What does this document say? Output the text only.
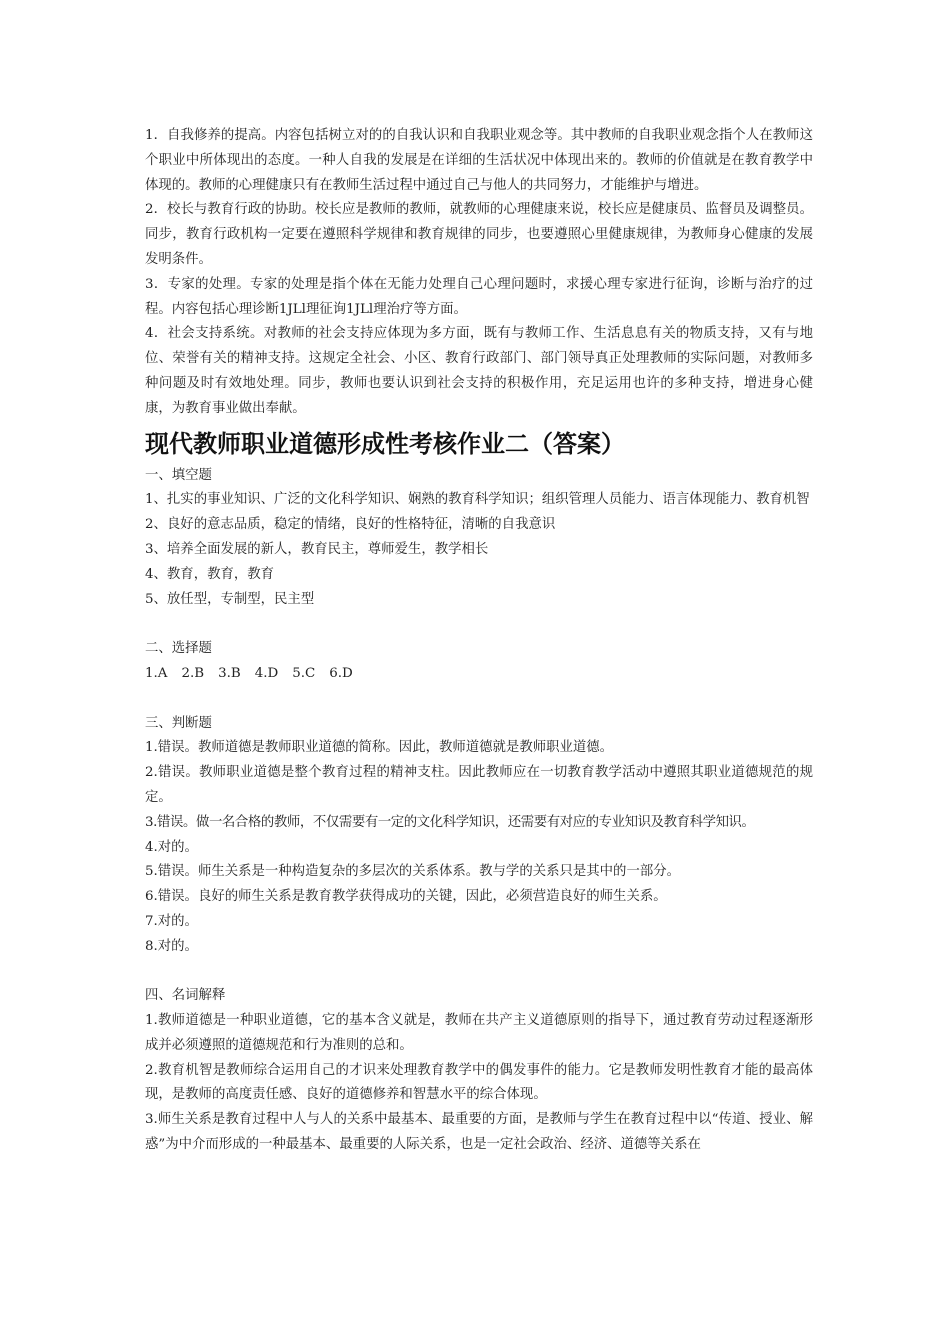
1．自我修养的提高。内容包括树立对的的自我认识和自我职业观念等。其中教师的自我职业观念指个人在教师这个职业中所体现出的态度。一种人自我的发展是在详细的生活状况中体现出来的。教师的价值就是在教育教学中体现的。教师的心理健康只有在教师生活过程中通过自己与他人的共同努力，才能维护与增进。

2．校长与教育行政的协助。校长应是教师的教师，就教师的心理健康来说，校长应是健康员、监督员及调整员。同步，教育行政机构一定要在遵照科学规律和教育规律的同步，也要遵照心里健康规律，为教师身心健康的发展发明条件。

3．专家的处理。专家的处理是指个体在无能力处理自己心理问题时，求援心理专家进行征询，诊断与治疗的过程。内容包括心理诊断1JLl理征询1JLl理治疗等方面。

4．社会支持系统。对教师的社会支持应体现为多方面，既有与教师工作、生活息息有关的物质支持，又有与地位、荣誉有关的精神支持。这规定全社会、小区、教育行政部门、部门领导真正处理教师的实际问题，对教师多种问题及时有效地处理。同步，教师也要认识到社会支持的积极作用，充足运用也许的多种支持，增进身心健康，为教育事业做出奉献。

现代教师职业道德形成性考核作业二（答案）

一、填空题

1、扎实的事业知识、广泛的文化科学知识、娴熟的教育科学知识；组织管理人员能力、语言体现能力、教育机智

2、良好的意志品质，稳定的情绪，良好的性格特征，清晰的自我意识

3、培养全面发展的新人，教育民主，尊师爱生，教学相长

4、教育，教育，教育

5、放任型，专制型，民主型

二、选择题

1.A 2.B 3.B 4.D 5.C 6.D

三、判断题

1.错误。教师道德是教师职业道德的简称。因此，教师道德就是教师职业道德。

2.错误。教师职业道德是整个教育过程的精神支柱。因此教师应在一切教育教学活动中遵照其职业道德规范的规定。

3.错误。做一名合格的教师，不仅需要有一定的文化科学知识，还需要有对应的专业知识及教育科学知识。

4.对的。

5.错误。师生关系是一种构造复杂的多层次的关系体系。教与学的关系只是其中的一部分。

6.错误。良好的师生关系是教育教学获得成功的关键，因此，必须营造良好的师生关系。

7.对的。

8.对的。

四、名词解释

1.教师道德是一种职业道德，它的基本含义就是，教师在共产主义道德原则的指导下，通过教育劳动过程逐渐形成并必须遵照的道德规范和行为准则的总和。

2.教育机智是教师综合运用自己的才识来处理教育教学中的偶发事件的能力。它是教师发明性教育才能的最高体现，是教师的高度责任感、良好的道德修养和智慧水平的综合体现。

3.师生关系是教育过程中人与人的关系中最基本、最重要的方面，是教师与学生在教育过程中以“传道、授业、解惑”为中介而形成的一种最基本、最重要的人际关系，也是一定社会政治、经济、道德等关系在
